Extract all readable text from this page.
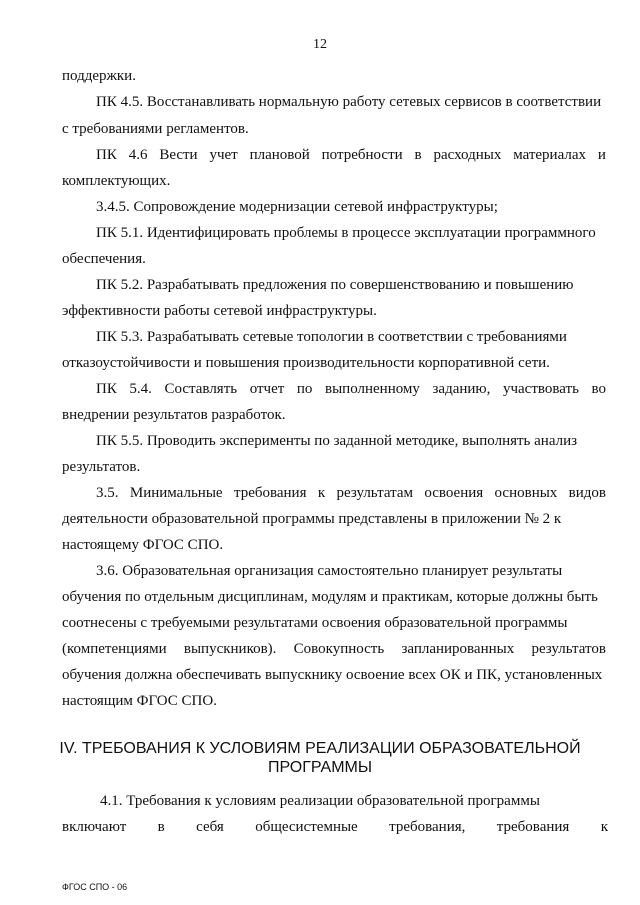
12
поддержки.
ПК 4.5. Восстанавливать нормальную работу сетевых сервисов в соответствии
с требованиями регламентов.
ПК 4.6 Вести учет плановой потребности в расходных материалах и
комплектующих.
3.4.5. Сопровождение модернизации сетевой инфраструктуры;
ПК 5.1. Идентифицировать проблемы в процессе эксплуатации программного
обеспечения.
ПК 5.2. Разрабатывать предложения по совершенствованию и повышению
эффективности работы сетевой инфраструктуры.
ПК 5.3. Разрабатывать сетевые топологии в соответствии с требованиями
отказоустойчивости и повышения производительности корпоративной сети.
ПК 5.4. Составлять отчет по выполненному заданию, участвовать во
внедрении результатов разработок.
ПК 5.5. Проводить эксперименты по заданной методике, выполнять анализ
результатов.
3.5. Минимальные требования к результатам освоения основных видов
деятельности образовательной программы представлены в приложении № 2 к
настоящему ФГОС СПО.
3.6. Образовательная организация самостоятельно планирует результаты
обучения по отдельным дисциплинам, модулям и практикам, которые должны быть
соотнесены с требуемыми результатами освоения образовательной программы
(компетенциями выпускников). Совокупность запланированных результатов
обучения должна обеспечивать выпускнику освоение всех ОК и ПК, установленных
настоящим ФГОС СПО.
IV. ТРЕБОВАНИЯ К УСЛОВИЯМ РЕАЛИЗАЦИИ ОБРАЗОВАТЕЛЬНОЙ
ПРОГРАММЫ
4.1. Требования к условиям реализации образовательной программы
включают в себя общесистемные требования, требования к
ФГОС СПО - 06
